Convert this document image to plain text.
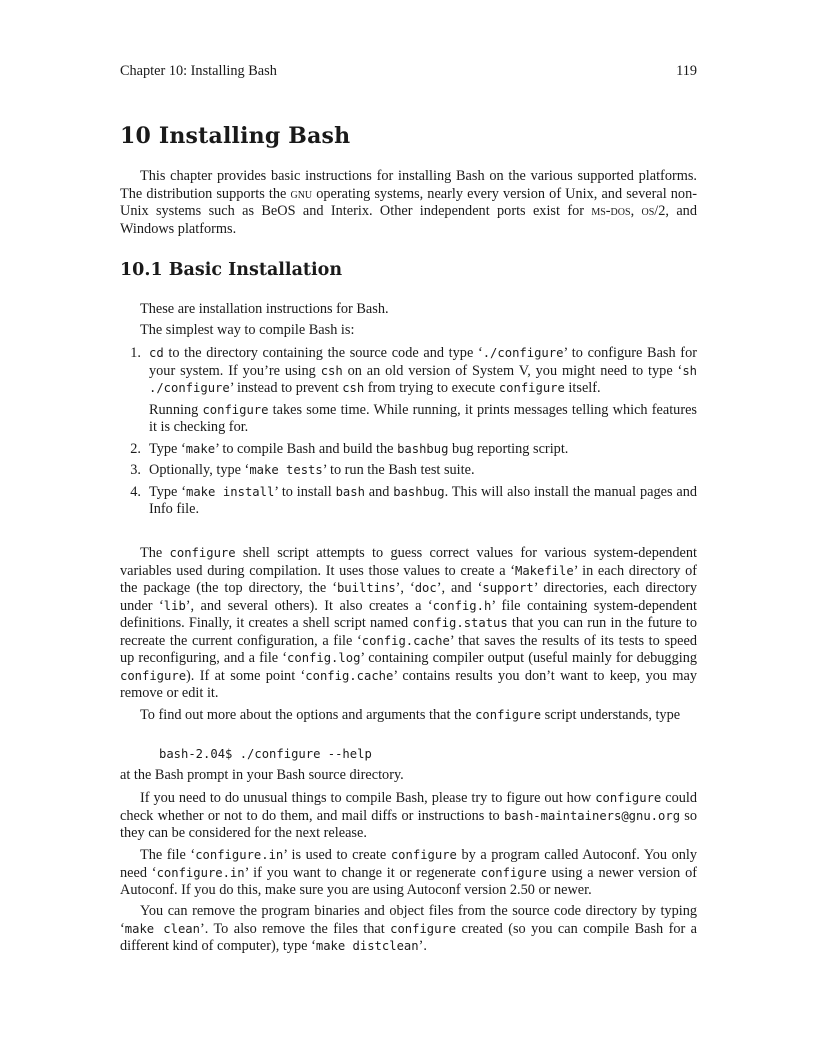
Chapter 10: Installing Bash	119
10 Installing Bash

This chapter provides basic instructions for installing Bash on the various supported platforms. The distribution supports the gnu operating systems, nearly every version of Unix, and several non-Unix systems such as BeOS and Interix. Other independent ports exist for ms-dos, os/2, and Windows platforms.

10.1 Basic Installation

These are installation instructions for Bash.

The simplest way to compile Bash is:

1. cd to the directory containing the source code and type ‘./configure’ to configure Bash for your system. If you’re using csh on an old version of System V, you might need to type ‘sh ./configure’ instead to prevent csh from trying to execute configure itself.

Running configure takes some time. While running, it prints messages telling which features it is checking for.

2. Type ‘make’ to compile Bash and build the bashbug bug reporting script.
3. Optionally, type ‘make tests’ to run the Bash test suite.
4. Type ‘make install’ to install bash and bashbug. This will also install the manual pages and Info file.

The configure shell script attempts to guess correct values for various system-dependent variables used during compilation. It uses those values to create a ‘Makefile’ in each directory of the package (the top directory, the ‘builtins’, ‘doc’, and ‘support’ directories, each directory under ‘lib’, and several others). It also creates a ‘config.h’ file containing system-dependent definitions. Finally, it creates a shell script named config.status that you can run in the future to recreate the current configuration, a file ‘config.cache’ that saves the results of its tests to speed up reconfiguring, and a file ‘config.log’ containing compiler output (useful mainly for debugging configure). If at some point ‘config.cache’ contains results you don’t want to keep, you may remove or edit it.

To find out more about the options and arguments that the configure script understands, type

bash-2.04$ ./configure --help

at the Bash prompt in your Bash source directory.

If you need to do unusual things to compile Bash, please try to figure out how configure could check whether or not to do them, and mail diffs or instructions to bash-maintainers@gnu.org so they can be considered for the next release.

The file ‘configure.in’ is used to create configure by a program called Autoconf. You only need ‘configure.in’ if you want to change it or regenerate configure using a newer version of Autoconf. If you do this, make sure you are using Autoconf version 2.50 or newer.

You can remove the program binaries and object files from the source code directory by typing ‘make clean’. To also remove the files that configure created (so you can compile Bash for a different kind of computer), type ‘make distclean’.
